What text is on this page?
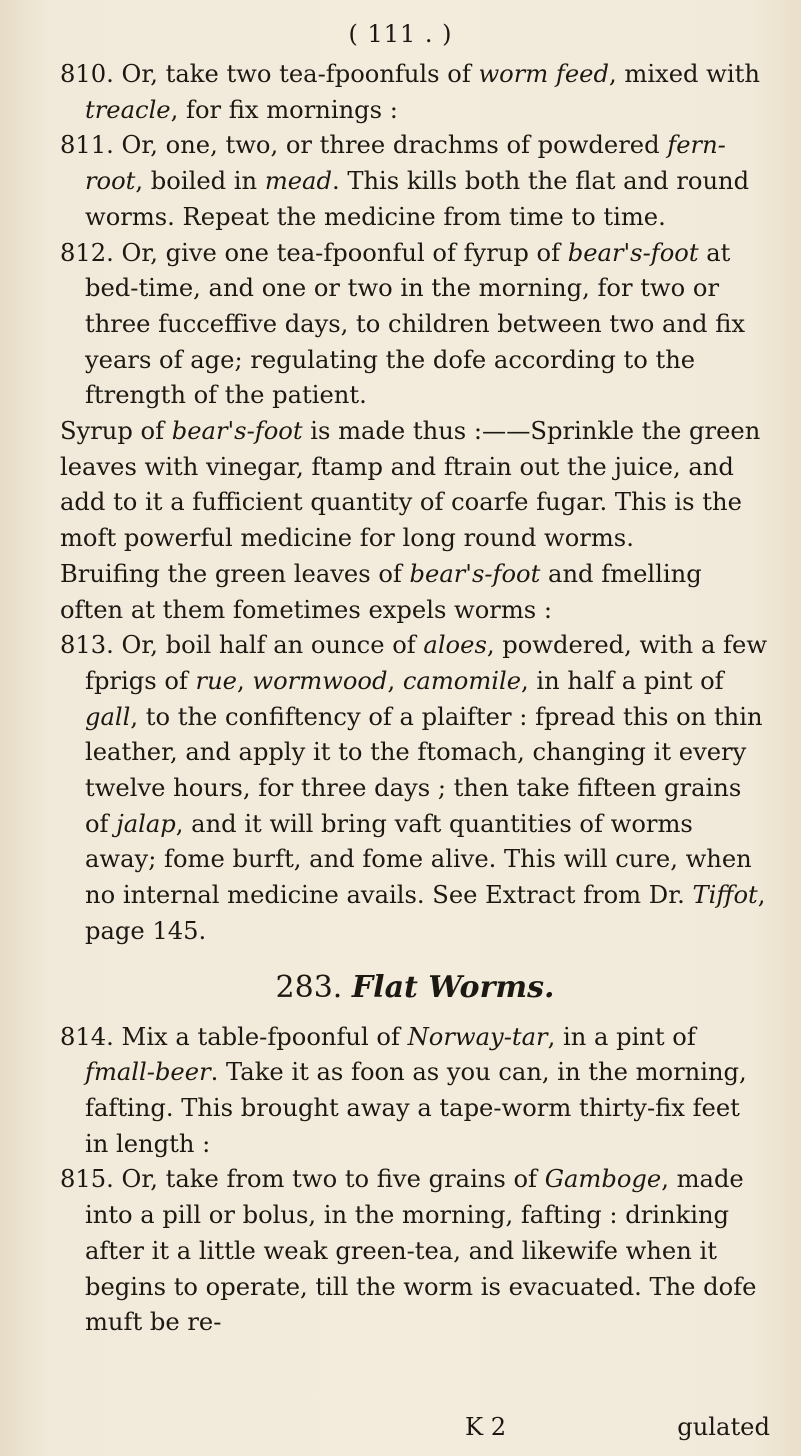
( 111 . )

810. Or, take two tea-fpoonfuls of worm feed, mixed with treacle, for fix mornings :

811. Or, one, two, or three drachms of powdered fern-root, boiled in mead. This kills both the flat and round worms. Repeat the medicine from time to time.

812. Or, give one tea-fpoonful of fyrup of bear's-foot at bed-time, and one or two in the morning, for two or three fucceffive days, to children between two and fix years of age; regulating the dofe according to the ftrength of the patient.

Syrup of bear's-foot is made thus :——Sprinkle the green leaves with vinegar, ftamp and ftrain out the juice, and add to it a fufficient quantity of coarfe fugar. This is the moft powerful medicine for long round worms.

Bruifing the green leaves of bear's-foot and fmelling often at them fometimes expels worms :

813. Or, boil half an ounce of aloes, powdered, with a few fprigs of rue, wormwood, camomile, in half a pint of gall, to the confiftency of a plaifter : fpread this on thin leather, and apply it to the ftomach, changing it every twelve hours, for three days ; then take fifteen grains of jalap, and it will bring vaft quantities of worms away; fome burft, and fome alive. This will cure, when no internal medicine avails. See Extract from Dr. Tiffot, page 145.

283. Flat Worms.

814. Mix a table-fpoonful of Norway-tar, in a pint of fmall-beer. Take it as foon as you can, in the morning, fafting. This brought away a tape-worm thirty-fix feet in length :

815. Or, take from two to five grains of Gamboge, made into a pill or bolus, in the morning, fafting : drinking after it a little weak green-tea, and likewife when it begins to operate, till the worm is evacuated. The dofe muft be re-

K 2	gulated
